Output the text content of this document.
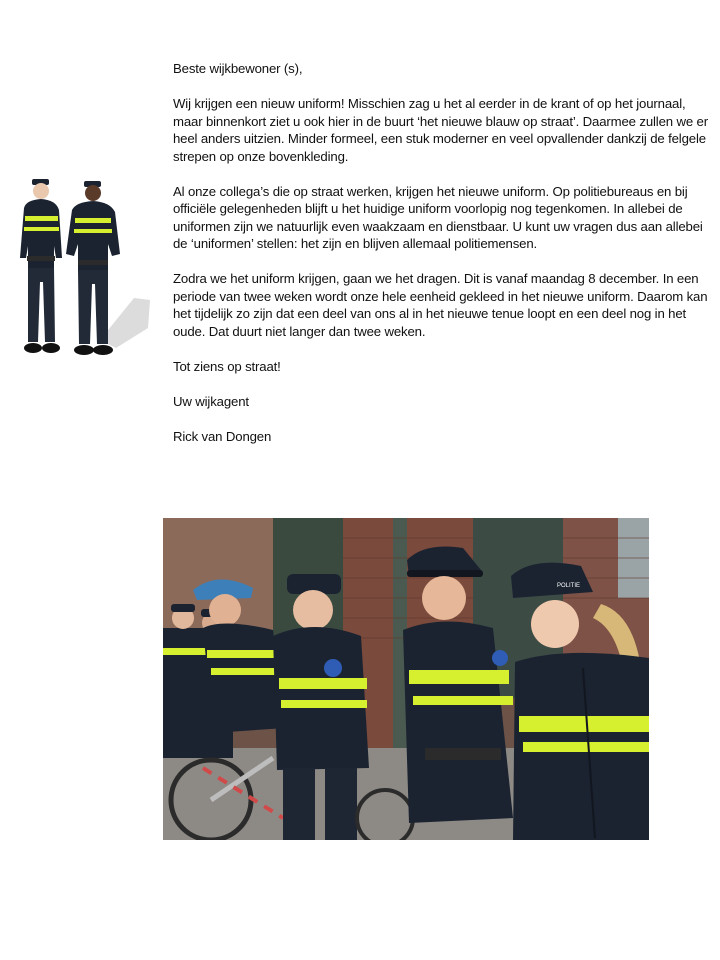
Beste wijkbewoner (s),

Wij krijgen een nieuw uniform! Misschien zag u het al eerder in de krant of op het journaal, maar binnenkort ziet u ook hier in de buurt ‘het nieuwe blauw op straat’. Daarmee zullen we er heel anders uitzien. Minder formeel, een stuk moderner en veel opvallender dankzij de felgele strepen op onze bovenkleding.

Al onze collega’s die op straat werken, krijgen het nieuwe uniform. Op politiebureaus en bij officiële gelegenheden blijft u het huidige uniform voorlopig nog tegenkomen. In allebei de uniformen zijn we natuurlijk even waakzaam en dienstbaar. U kunt uw vragen dus aan allebei de ‘uniformen’ stellen: het zijn en blijven allemaal politiemensen.

Zodra we het uniform krijgen, gaan we het dragen. Dit is vanaf maandag 8 december. In een periode van twee weken wordt onze hele eenheid gekleed in het nieuwe uniform. Daarom kan het tijdelijk zo zijn dat een deel van ons al in het nieuwe tenue loopt en een deel nog in het oude. Dat duurt niet langer dan twee weken.

Tot ziens op straat!

Uw wijkagent

Rick van Dongen

POLITIE
